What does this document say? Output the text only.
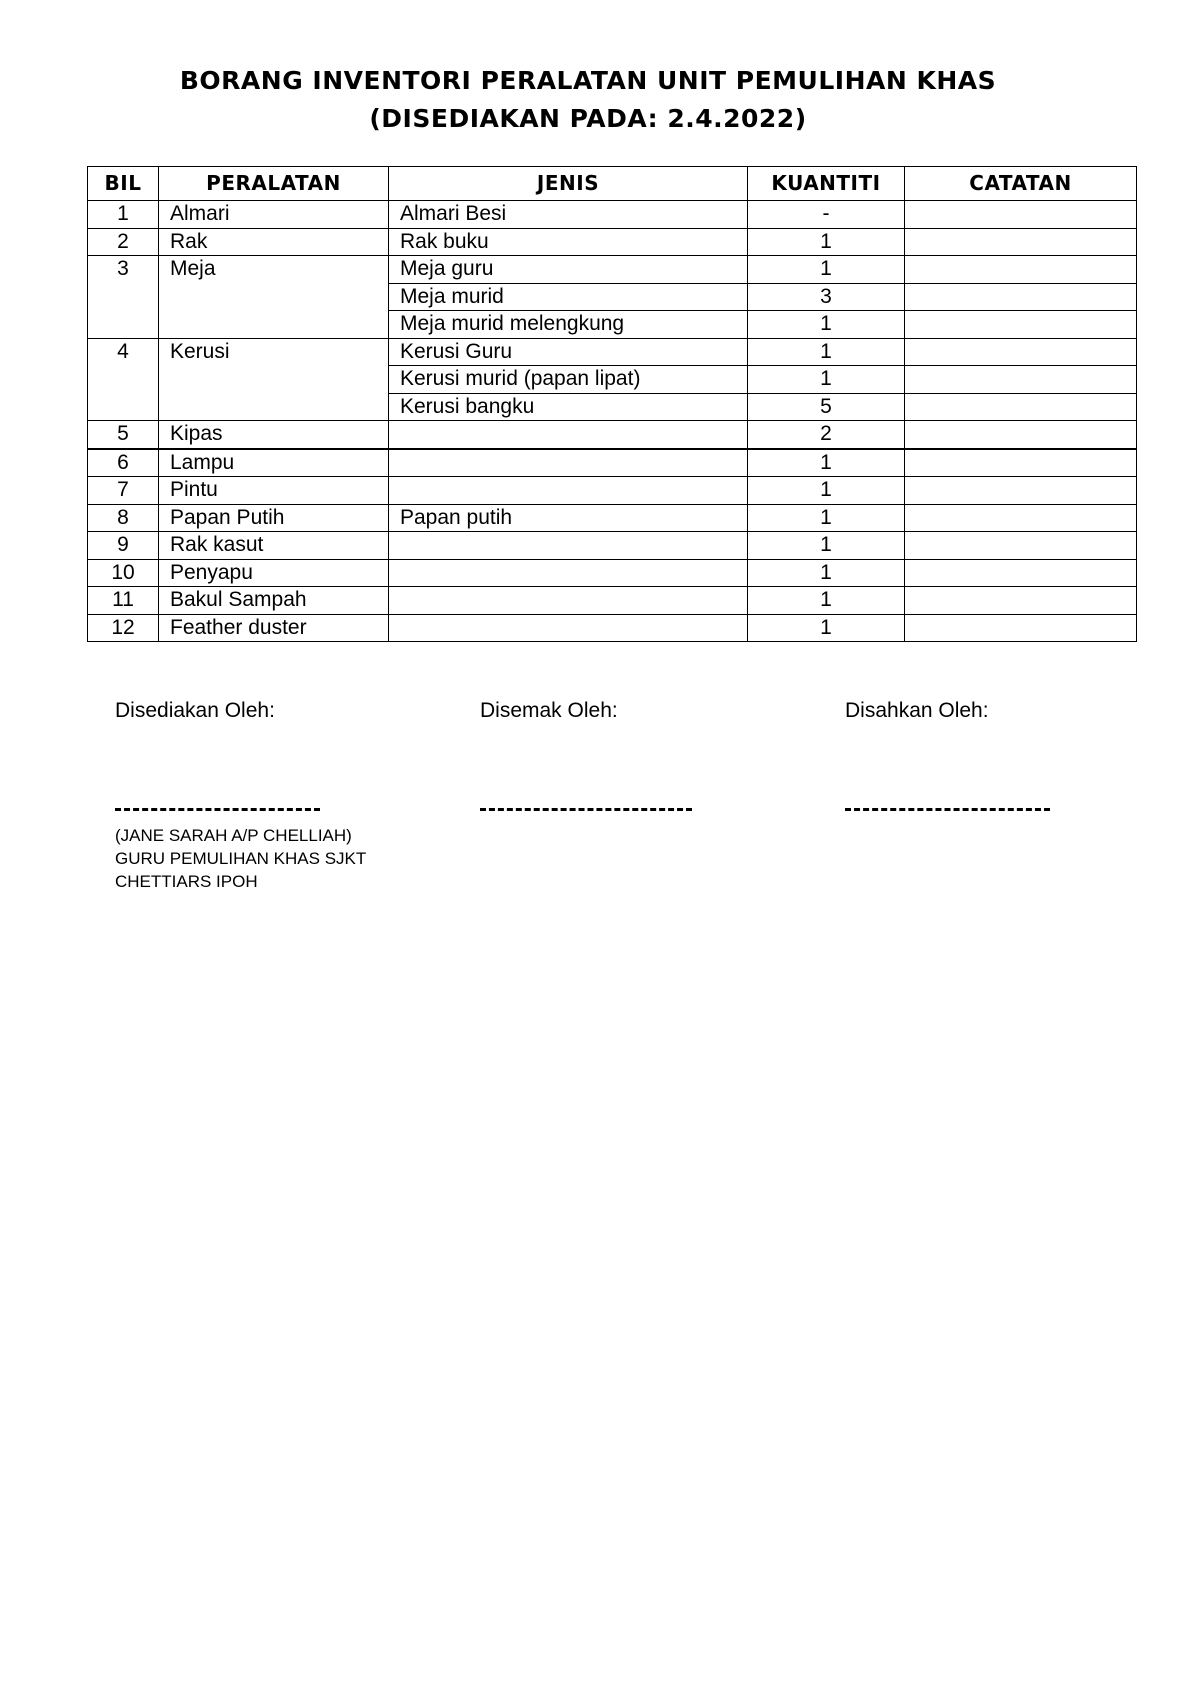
BORANG INVENTORI PERALATAN UNIT PEMULIHAN KHAS
(DISEDIAKAN PADA: 2.4.2022)
BIL	PERALATAN	JENIS	KUANTITI	CATATAN
1	Almari	Almari Besi	-	
2	Rak	Rak buku	1	
3	Meja	Meja guru	1	
		Meja murid	3	
		Meja murid melengkung	1	
4	Kerusi	Kerusi Guru	1	
		Kerusi murid (papan lipat)	1	
		Kerusi bangku	5	
5	Kipas		2	
6	Lampu		1	
7	Pintu		1	
8	Papan Putih	Papan putih	1	
9	Rak kasut		1	
10	Penyapu		1	
11	Bakul Sampah		1	
12	Feather duster		1	
Disediakan Oleh:	Disemak Oleh:	Disahkan Oleh:
(JANE SARAH A/P CHELLIAH)
GURU PEMULIHAN KHAS SJKT
CHETTIARS IPOH
